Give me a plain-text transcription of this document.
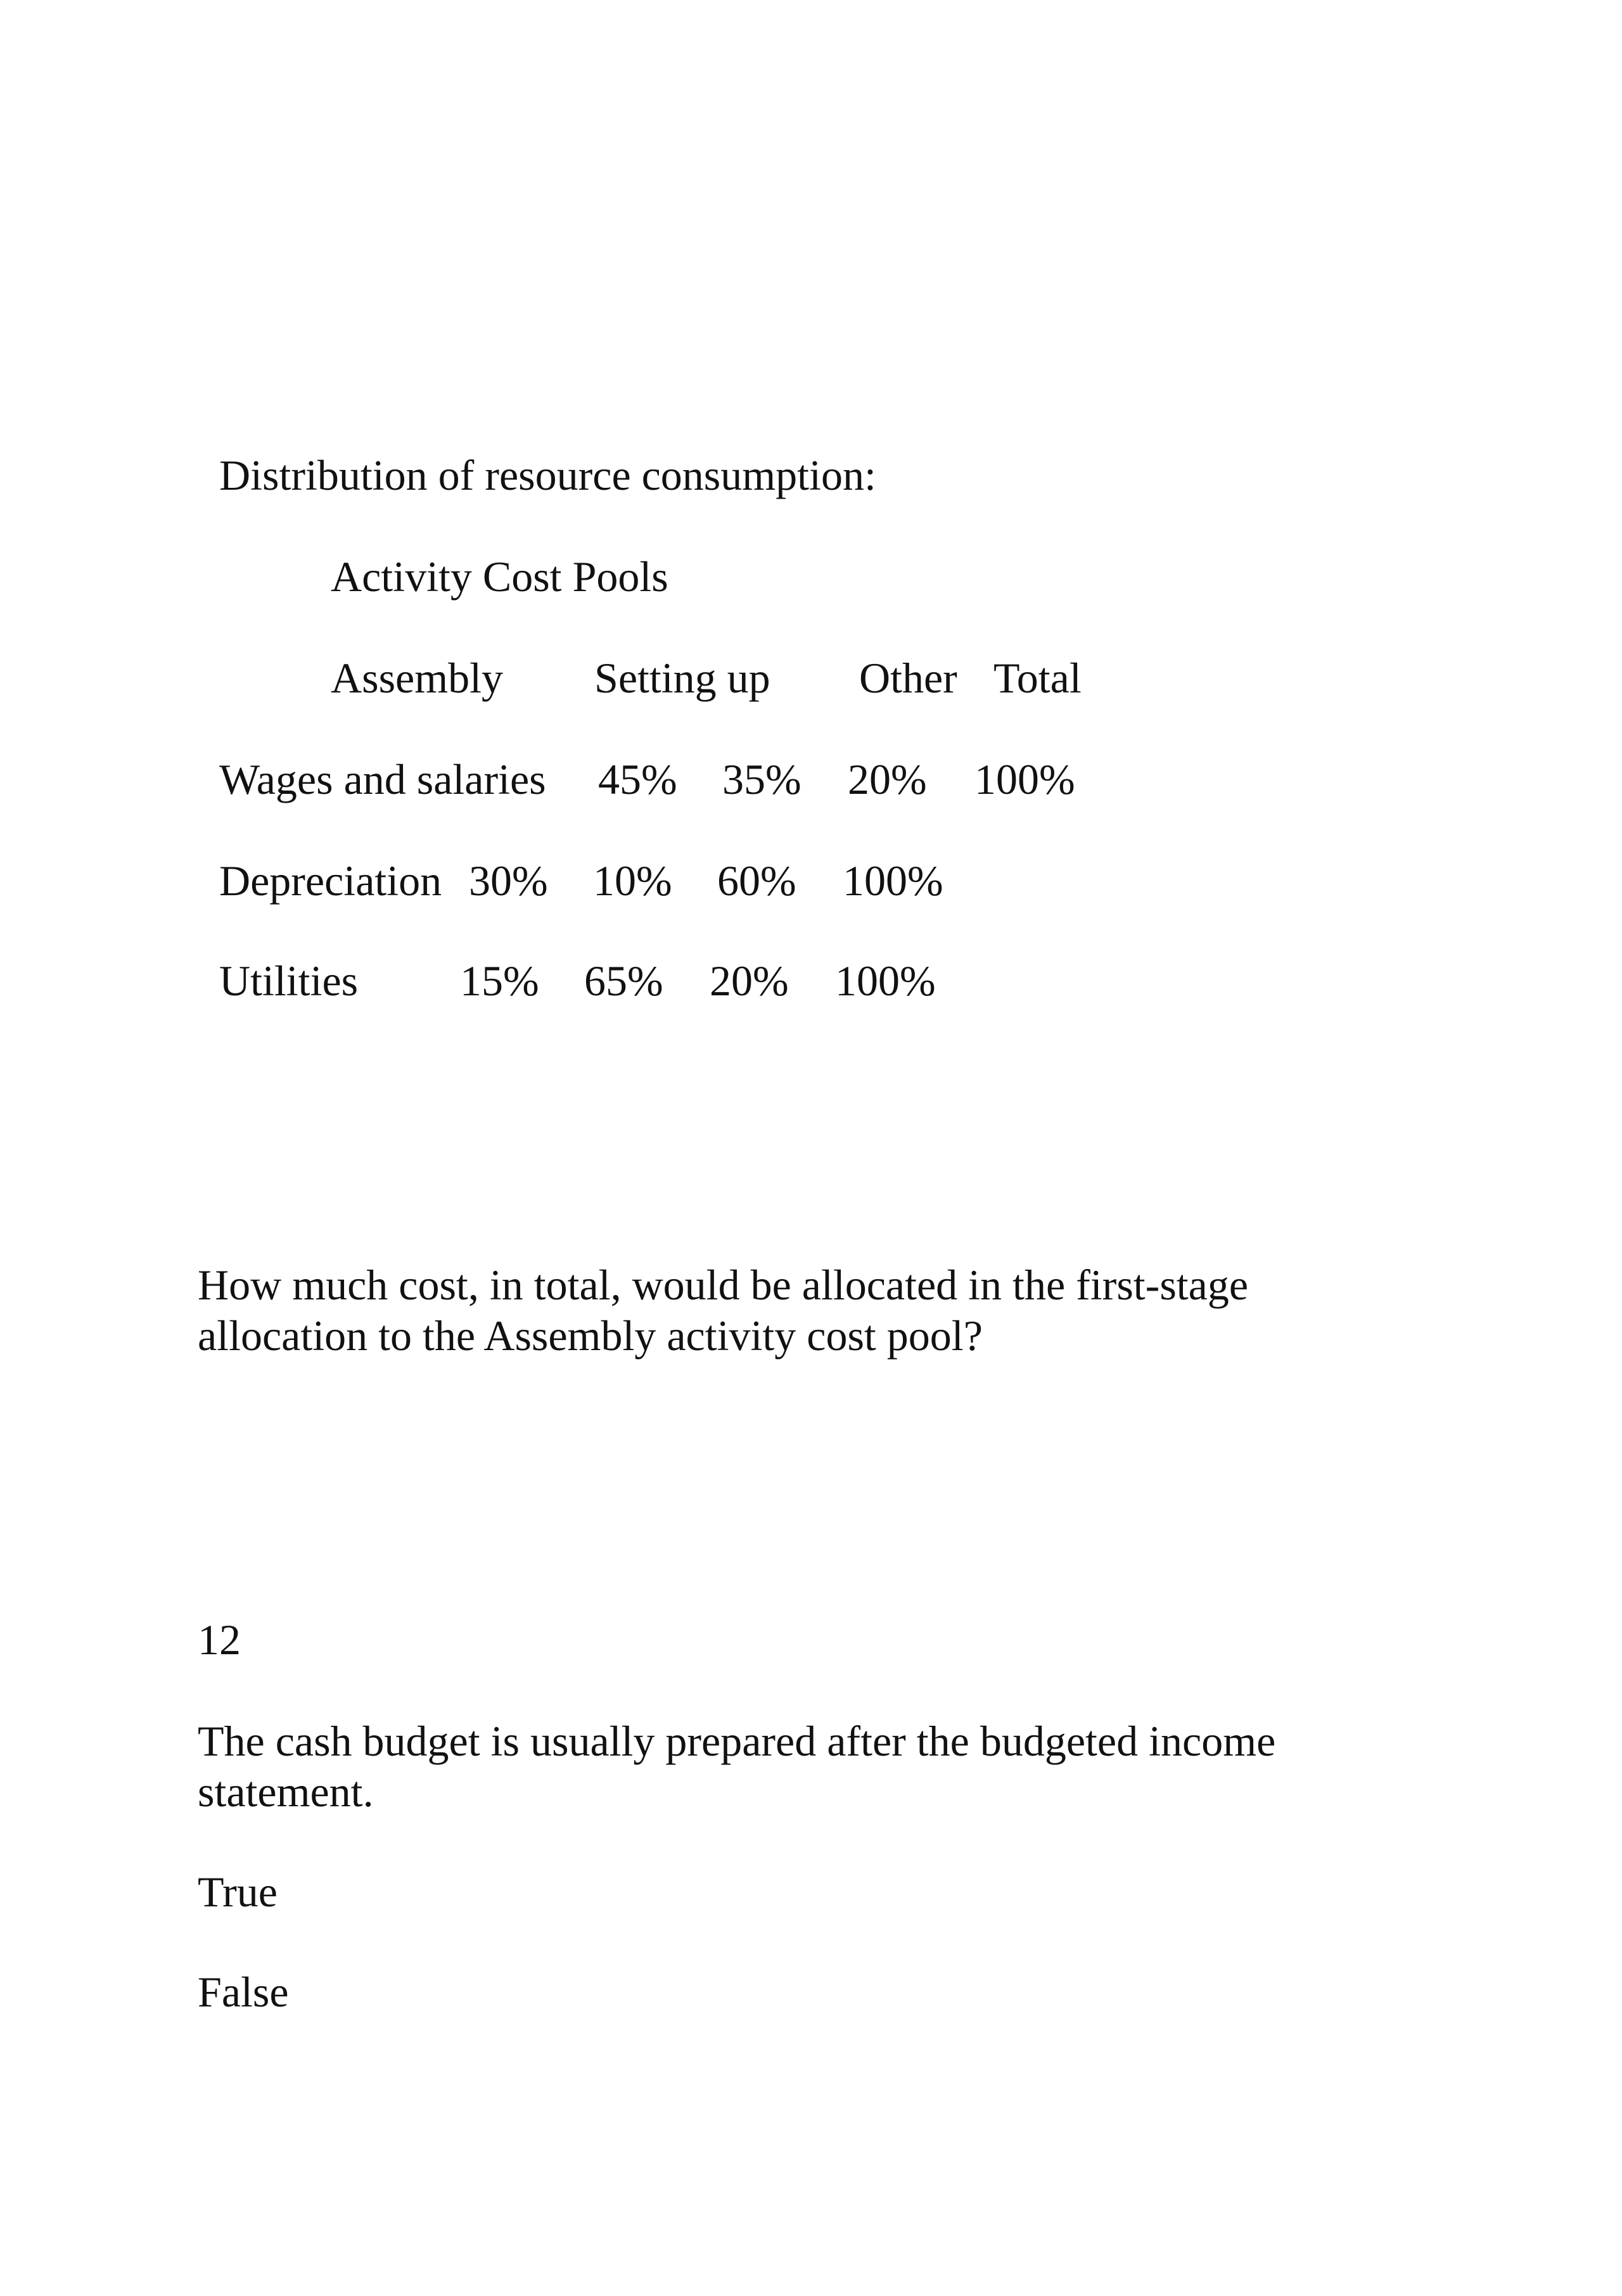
Distribution of resource consumption:
Activity Cost Pools
Assembly Setting up Other Total
Wages and salaries 45% 35% 20% 100%
Depreciation 30% 10% 60% 100%
Utilities 15% 65% 20% 100%
How much cost, in total, would be allocated in the first-stage
allocation to the Assembly activity cost pool?
12
The cash budget is usually prepared after the budgeted income
statement.
True
False
